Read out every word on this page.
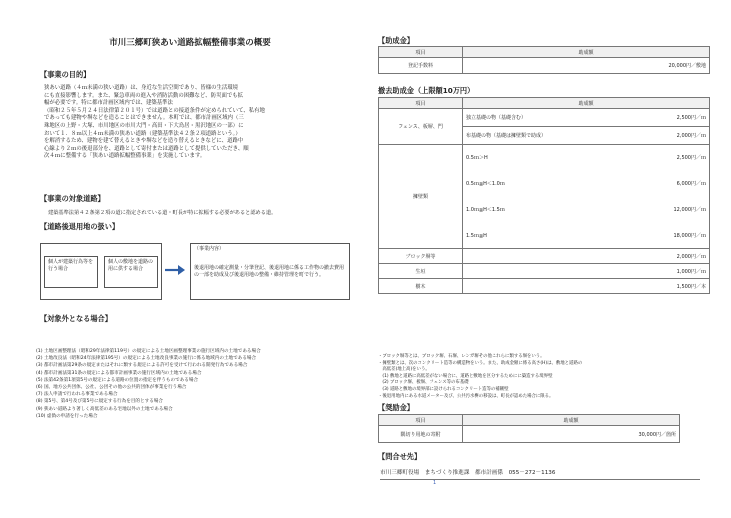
市川三郷町狭あい道路拡幅整備事業の概要
【事業の目的】
狭あい道路（４ｍ未満の狭い道路）は、身近な生活空間であり、皆様の生活環境
にも直接影響します。また、緊急車両の進入や消防活動の困難など、防災面でも拡
幅が必要です。特に都市計画区域内では、建築基準法
（昭和２５年５月２４日法律第２０１号）では道路との接道条件が定められていて、私有地
であっても建物や塀などを造ることはできません。本町では、都市計画区域内（三
珠地区の上野・大塚、市川地区の市川大門・高田・下大鳥居・黒沢地区の一部）に
おいて１．８ｍ以上４ｍ未満の狭あい道路（建築基準法４２条２項道路という。）
を解消するため、建物を建て替えるときや塀などを造り替えるときなどに、道路中
心線より２ｍの後退部分を、道路として寄付または道路として提供していただき、順
次４ｍに整備する「狭あい道路拡幅整備事業」を実施しています。
【事業の対象道路】
建築基準法第４２条第２項の道に指定されている道・町長が特に拡幅する必要があると認める道。
【道路後退用地の扱い】
個人が建築行為等を行う場合
個人の敷地を道路の用に供する場合
（事業内容）
後退用地の確定測量・分筆登記、後退用地に係る工作物の撤去費用の一部を助成及び後退用地の整備・維持管理を町で行う。
【対象外となる場合】
(1) 土地区画整理法（昭和29年法律第119号）の規定による土地区画整理事業の施行区域内の土地である場合
(2) 土地改良法（昭和24年法律第195号）の規定による土地改良事業の施行に係る地域内の土地である場合
(3) 都市計画法第29条の規定またはそれに類する規定による許可を受けて行われる開発行為である場合
(4) 都市計画法第31条の規定による都市計画事業の施行区域内の土地である場合
(5) 法第42条第1項第5号の規定による道路の位置の指定を伴うものである場合
(6) 国、地方公共団体、公社、公団その他の公共的団体が事業を行う場合
(7) 法人申請で行われる事業である場合
(8) 第5号、第4号及び第5号に規定する行為を目的とする場合
(9) 狭あい道路より著しく高低差のある宅地以外の土地である場合
(10) 虚偽の申請を行った場合
【助成金】
項目	助成額
登記手数料	20,000円／敷地
撤去助成金（上限額10万円）
項目	助成額	
フェンス、板塀、門	独立基礎の物（基礎含む）	2,500円／ｍ
	布基礎の物（基礎は擁壁類で助成）	2,000円／ｍ
擁壁類	0.5ｍ＞H	2,500円／ｍ
	0.5ｍ≦H＜1.0ｍ	6,000円／ｍ
	1.0ｍ≦H＜1.5ｍ	12,000円／ｍ
	1.5ｍ≦H	18,000円／ｍ
ブロック塀等	2,000円／ｍ	
生垣	1,000円／ｍ	
樹木	1,500円／本	
・ブロック塀等とは、ブロック塀、石塀、レンガ塀その他これらに類する塀をいう。
・擁壁類とは、次のコンクリート造等の構造物をいう。また、助成金額に係る高さ(H)は、敷地と道路の
　高低差(地上高)をいう。
　(1) 敷地と道路に高低差がない場合に、道路と敷地を区分するためにに築造する境界壁
　(2) ブロック塀、板塀、フェンス等の布基礎
　(3) 道路と敷地の境界部に設けられるコンクリート造等の補剛壁
・後退用地内にある水道メーター及び、公共汚水桝の移設は、町長が認めた場合に限る。
【奨励金】
項目	助成額
隅切り用地の寄附	30,000円／箇所
【問合せ先】
市川三郷町役場　まちづくり推進課　都市計画係　055－272－1136
1
